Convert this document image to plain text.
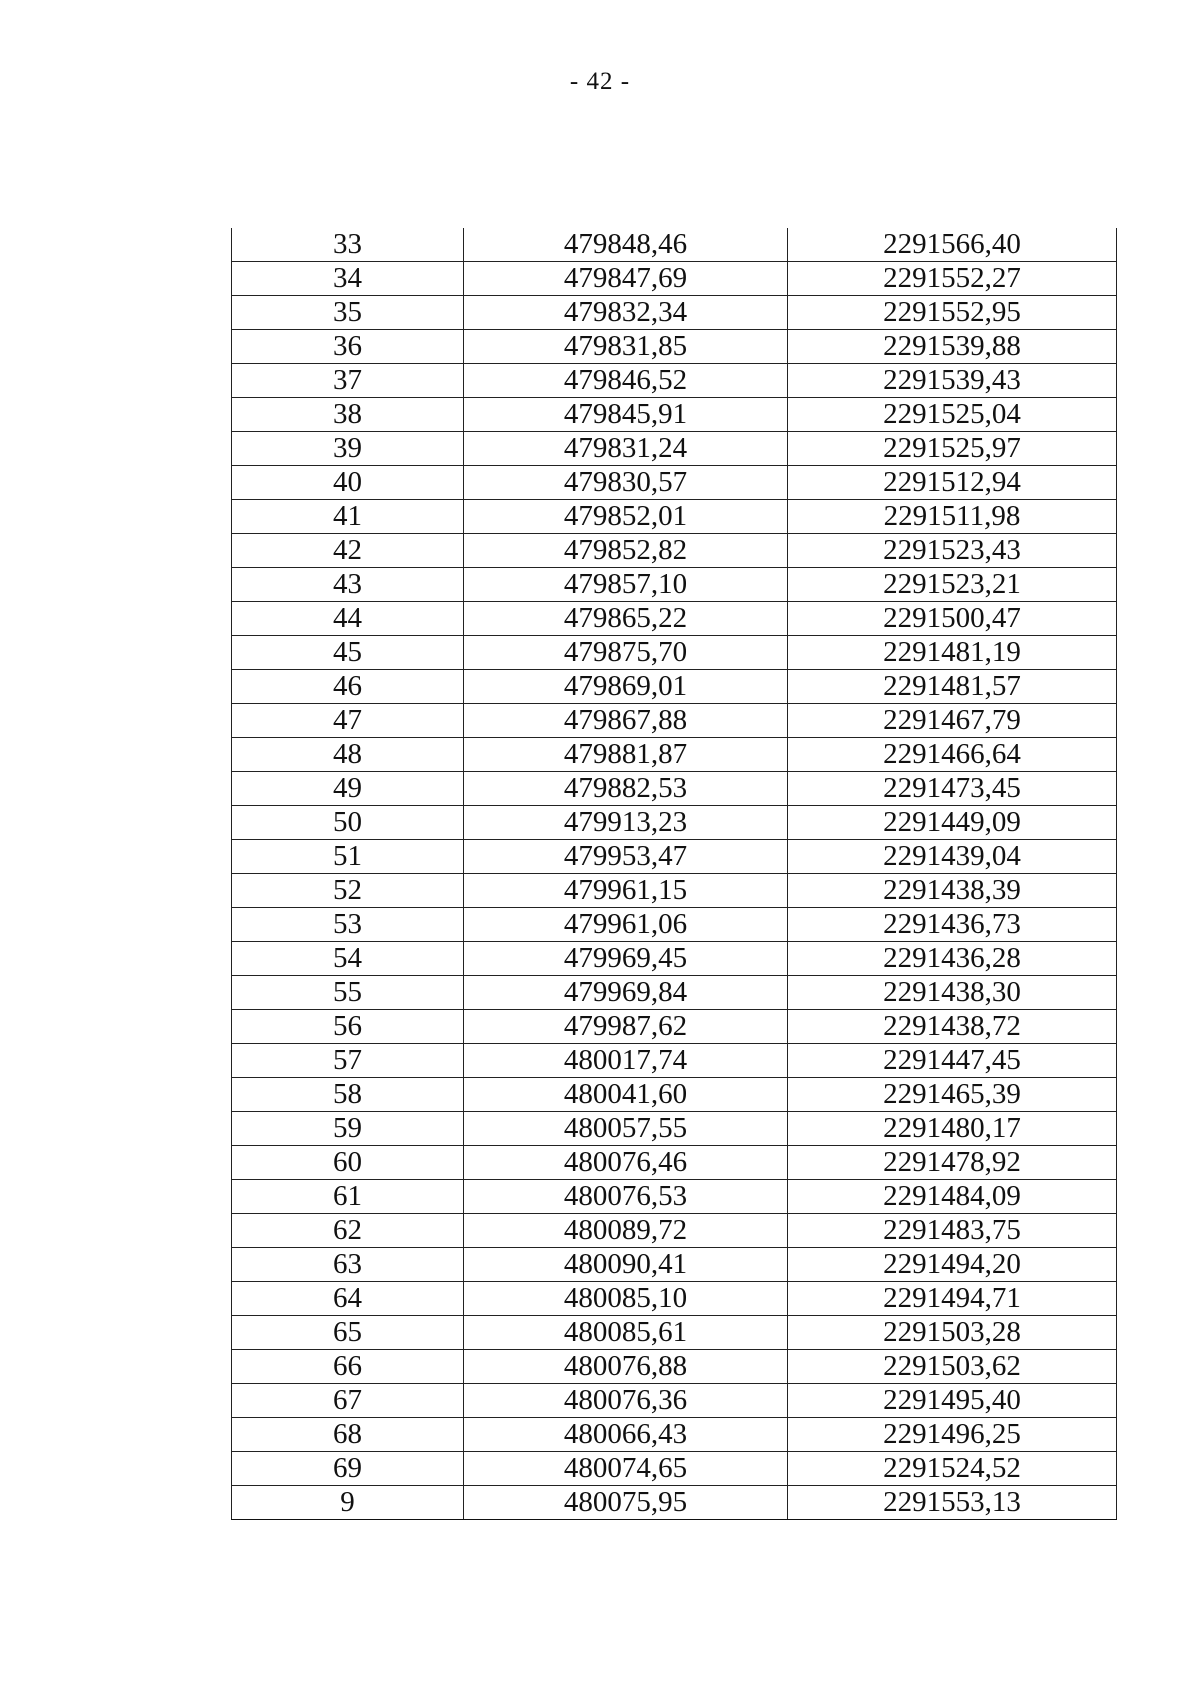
- 42 -
33	479848,46	2291566,40
34	479847,69	2291552,27
35	479832,34	2291552,95
36	479831,85	2291539,88
37	479846,52	2291539,43
38	479845,91	2291525,04
39	479831,24	2291525,97
40	479830,57	2291512,94
41	479852,01	2291511,98
42	479852,82	2291523,43
43	479857,10	2291523,21
44	479865,22	2291500,47
45	479875,70	2291481,19
46	479869,01	2291481,57
47	479867,88	2291467,79
48	479881,87	2291466,64
49	479882,53	2291473,45
50	479913,23	2291449,09
51	479953,47	2291439,04
52	479961,15	2291438,39
53	479961,06	2291436,73
54	479969,45	2291436,28
55	479969,84	2291438,30
56	479987,62	2291438,72
57	480017,74	2291447,45
58	480041,60	2291465,39
59	480057,55	2291480,17
60	480076,46	2291478,92
61	480076,53	2291484,09
62	480089,72	2291483,75
63	480090,41	2291494,20
64	480085,10	2291494,71
65	480085,61	2291503,28
66	480076,88	2291503,62
67	480076,36	2291495,40
68	480066,43	2291496,25
69	480074,65	2291524,52
9	480075,95	2291553,13
